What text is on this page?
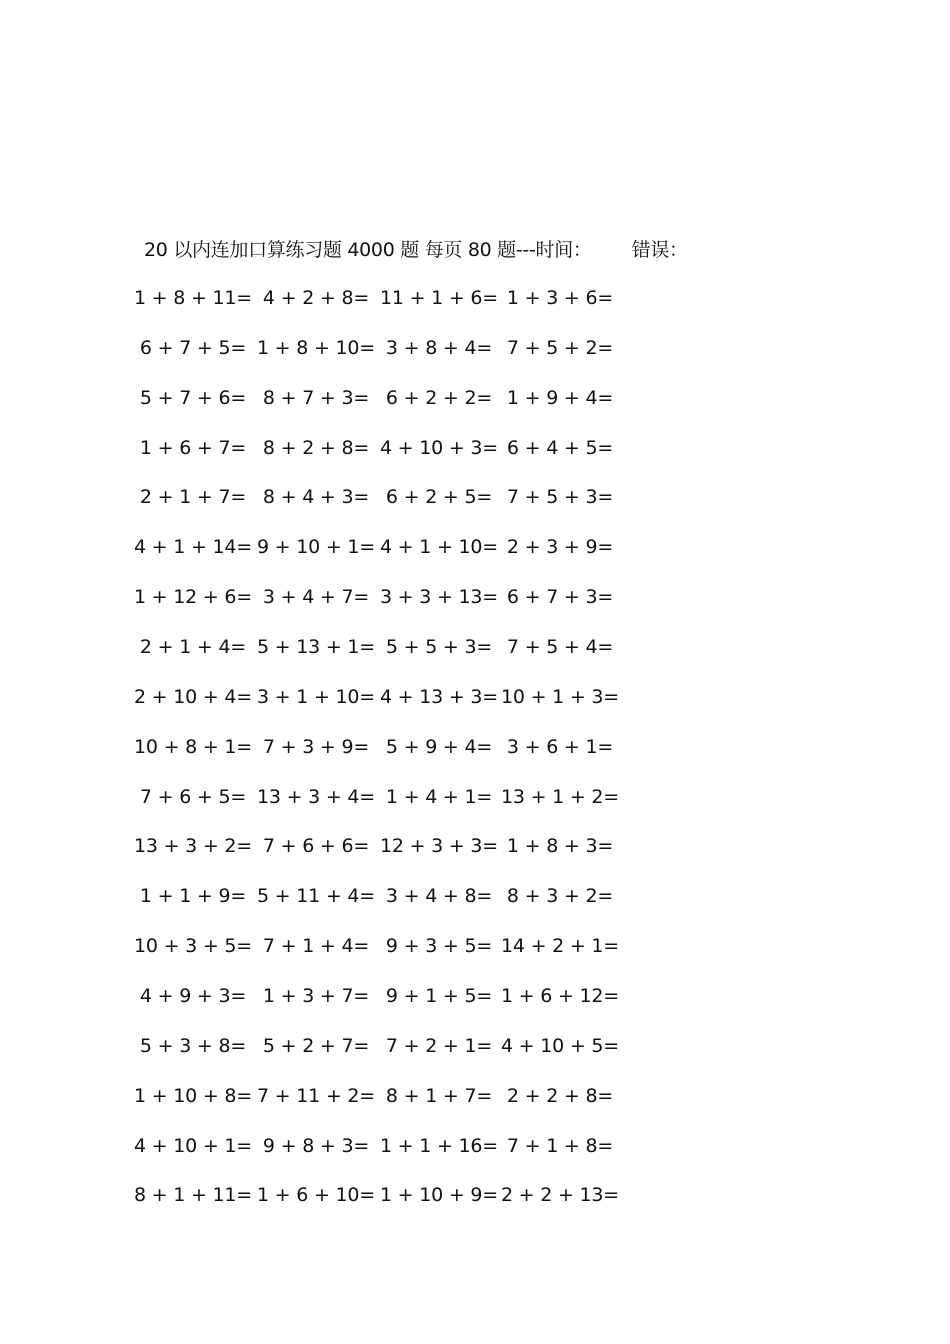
20 以内连加口算练习题 4000 题 每页 80 题---时间： 错误：
1 + 8 + 11= 4 + 2 + 8= 11 + 1 + 6= 1 + 3 + 6=
6 + 7 + 5= 1 + 8 + 10= 3 + 8 + 4= 7 + 5 + 2=
5 + 7 + 6= 8 + 7 + 3= 6 + 2 + 2= 1 + 9 + 4=
1 + 6 + 7= 8 + 2 + 8= 4 + 10 + 3= 6 + 4 + 5=
2 + 1 + 7= 8 + 4 + 3= 6 + 2 + 5= 7 + 5 + 3=
4 + 1 + 14= 9 + 10 + 1= 4 + 1 + 10= 2 + 3 + 9=
1 + 12 + 6= 3 + 4 + 7= 3 + 3 + 13= 6 + 7 + 3=
2 + 1 + 4= 5 + 13 + 1= 5 + 5 + 3= 7 + 5 + 4=
2 + 10 + 4= 3 + 1 + 10= 4 + 13 + 3= 10 + 1 + 3=
10 + 8 + 1= 7 + 3 + 9= 5 + 9 + 4= 3 + 6 + 1=
7 + 6 + 5= 13 + 3 + 4= 1 + 4 + 1= 13 + 1 + 2=
13 + 3 + 2= 7 + 6 + 6= 12 + 3 + 3= 1 + 8 + 3=
1 + 1 + 9= 5 + 11 + 4= 3 + 4 + 8= 8 + 3 + 2=
10 + 3 + 5= 7 + 1 + 4= 9 + 3 + 5= 14 + 2 + 1=
4 + 9 + 3= 1 + 3 + 7= 9 + 1 + 5= 1 + 6 + 12=
5 + 3 + 8= 5 + 2 + 7= 7 + 2 + 1= 4 + 10 + 5=
1 + 10 + 8= 7 + 11 + 2= 8 + 1 + 7= 2 + 2 + 8=
4 + 10 + 1= 9 + 8 + 3= 1 + 1 + 16= 7 + 1 + 8=
8 + 1 + 11= 1 + 6 + 10= 1 + 10 + 9= 2 + 2 + 13=
